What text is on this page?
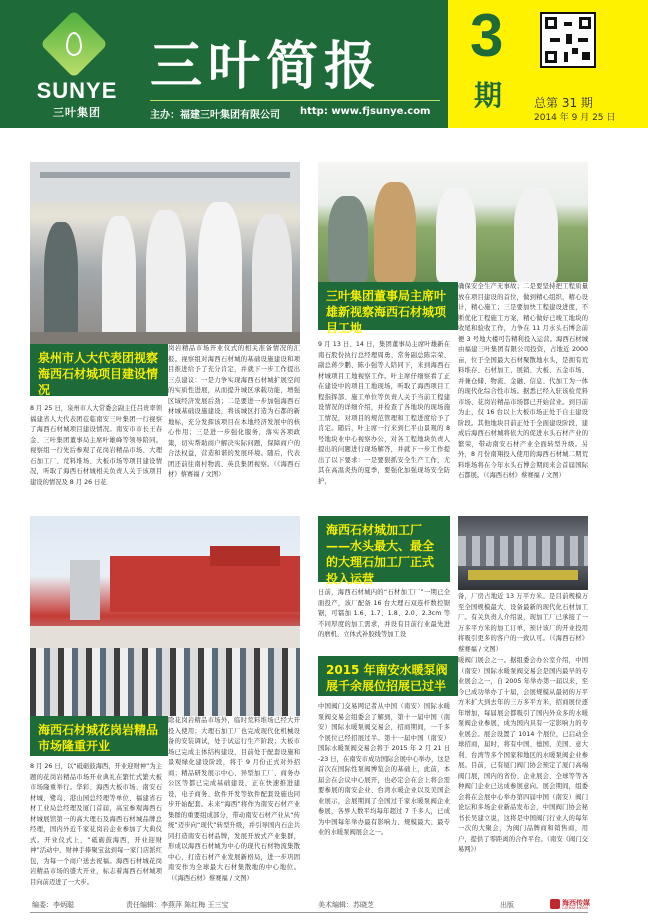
SUNYE
三叶集团
三叶简报
主办：福建三叶集团有限公司 http: www.fjsunye.com
3
期	总第 31 期
2014 年 9 月 25 日
泉州市人大代表团视察海西石材城项目建设情况
三叶集团董事局主席叶雄新视察海西石材城项目工地
海西石材城加工厂——水头最大、最全的大理石加工厂正式投入运营
2015 年南安水暖泵阀展千余展位招展已过半
海西石材城花岗岩精品市场隆重开业
8 月 25 日，泉州市人大常委会副主任吕贵率领福建省人大代表团莅临南安三叶集团一行视察了海西石材城项目建设情况。南安市市长王春金、三叶集团董事局主席叶雄峰等领导陪同。视察组一行先后参观了花岗岩精品市场、大理石加工厂、荒料堆场、大板市场等项目建设情况，听取了海西石材城相关负责人关于该项目建设的情况及 8 月 26 日花
岗岩精品市场开业仪式的相关准备情况的汇报。视察组对海西石材城的基础设施建设和项目推进给予了充分肯定，并就下一步工作提出三点建议：一是力争实现海西石材城扩展空间的实质性进展，从而提升城区承载功能，增强区域经济发展后劲；二是要进一步加强海西石材城基础设施建设，将该城区打造为石都的新地标，充分发挥该项目在本地经济发展中的核心作用；三是进一步强化服务，落实各项政策，切实帮助商户解决实际问题，保障商户的合法权益，营造和谐的发展环境。随后，代表团还前往南村物流、英良集团视察。（《海西石材》蔡赛福 / 文图）
9 月 13 日、14 日，集团董事局主席叶雄新在南石股份执行总经理周勇、常务副总陈宗荣、副总蒋少鹏、陈小强等人陪同下，来到海西石材城项目工地视察工作。叶主席仔细察看了正在建设中的项目工地现场，听取了海西项目工程指挥部、施工单位等负责人关于当前工程建设情况的详细介绍，并检查了各地块的现场施工情况，对项目的规范管理和工程进度给予了肯定。随后，叶主席一行来到仁平山景观的 8 号地块业中心视察办公，对各工程地块负责人提出的问题进行现场解答，并就下一步工作提出了以下要求：一是要狠抓安全生产工作，尤其在高温炎热的夏季，要强化加强现场安全防护，
确保安全生产无事故；二是要坚持把工程质量放在项目建设的首位，做到精心组织，精心设计，精心施工；三是要加快工程建设进度，不断优化工程施工方案，精心做好已竣工地块的收尾和验收工作，力争在 11 月水头石博会前便 3 号地大楼可告精利投入运营。海西石材城由福建三叶集团有限公司投资，占地近 2000 亩，位于全国最大石材聚散地水头，是拥有荒料堆存、石材加工、展销、大板、五金市场、并兼仓储、物流、金融、信息、代加工为一体的现代化综合性市场。据悉已经入驻该检荒料市场、花岗岩精品市场都已开始营业。到目前为止，仅 16 台以上大板市场正处于自主建设阶段。其他地块目前正处于全面建设阶段，建成后海西石材城将依大的促进水头石材产业的繁荣，带动南安石材产业全面转型升级。另外，8 月份南翔投入使用的海西石材城二期荒料堆场将在今年水头石博会期间来会首届国际石都展。（《海西石材》蔡赛福 / 文图）
日前，海西石材城内的“石材加工厂”一期已全面投产，该厂配备 16 台大理石双连杆数控锯锯，可镭加 1.6、1.7、1.8、2.0、2.3cm 等不同厚度的加工需求，并设有目前行业最先进的磨机、立体式补胶线等加工设
备，厂房占地近 13 万平方米。是目前规模万至全国规模最大、设备最新的现代化石材加工厂。有关负责人介绍说，现加工厂已承接了一万多平方米的加工订单，预计该厂的开业投用将吸引更多的客户的一致认可。（《海西石材》蔡赛福 / 文图）
中国阀门交易网记者从中国（南安）国际水暖泵阀交易会组委会了解到，第十一届中国（南安）国际水暖泵阀交易会，招商期间，一千多个展位已经招展过半。第十一届中国（南安）国际水暖泵阀交易会将于 2015 年 2 月 21 日 -23 日，在南安市成功国际会展中心举办，这是首次在国际性泵阀博览会的基础上，此前，本届会在会议中心展开，也必定会在会上将会需要参展的南安企业、台湾水暖企业以及美国企业展示，会展期间了全国过千家水暖泵阀企业参展，各界人数平均每年超过 7 千多人，已成为中国每年举办最有影响力、规模最大、最专业的水暖泵阀展会之一。
暖阀门展会之一。据组委会办公室介绍，中国（南安）国际水暖泵阀交易会是国内最早的专业展会之一，自 2005 年举办第一届以来，至今已成功举办了十届，会展规模从最初的万平方米扩大到去年的三万多平方米，招商展位逐年增加，每届展会都吸引了国内外众多的水暖泵阀企业参展，成为国内具有一定影响力的专业展会。展会设置了 1014 个展位，已启动全球招商，届时，将有中国、德国、美国、意大利、台湾等多个国家和地区的水暖泵阀企业参展。目前，已有厦门阀门协会预定了厦门高端阀门展，国内的省份、企业展会、全球等等各种阀门企业已达成参展意向。展会期间，组委会将在会展中心举办第四届中国（南安）阀门论坛和多场企业新品发布会，中国阀门协会秘书长吴建立说，这将是中国阀门行业人的每年一次的大聚会，为阀门品牌商和销售商，用户，提供了零距离的合作平台。（南安《阀门交易网》）
8 月 26 日，以“砥砺鼓海西，开业迎财神”为主题的花岗岩精品市场开业典礼在繁忙式繁大板市场隆重举行。华彩、海西大板市场、南安石材城、鹭岛、港山园总经理等单位、福建省石材工业局总经理及厦门首届，高宝参观海西石材城展馆第一的高大理石及海西石材城品牌总经理，国内外近千家花岗岩企业参加了大典仪式。开业仪式上，“砥砺鼓海西，开业迎财神”活动中，财神手捧聚宝盆到每一家门店派红包，为每一个商户送去祝福。海西石材城花岗岩精品市场的盛大开业，标志着海西石材城项目向前迈进了一大步。
除花岗岩精品市场外，临时荒料堆场已经大开投入使用；大理石加工厂也完成现代化机械设备的安装调试，处于试运行生产阶段；大板市场已完成主体结构建设，目前处于配套设施和景观绿化建设阶段，将于 9 月份正式对外招商；精品研发展示中心、异型加工厂、商务办公区等都已完成基础建设，正在快速推进建设，电子商务、软件开发等软件配套设施也同步开始配套。未来“海西”将作为南安石材产业集群的重要组成部分，带动南安石材产业从“传统”迈步向“现代”转型升级，并引导国内石企共同打造南安石材品牌，发展开放式产业集群，形成以海西石材城为中心的现代石材物流集散中心，打造石材产业发展新格局，进一步巩固南安作为全球最大石材集散地的中心地位。（《海西石材》蔡赛福 / 文图）
编委：李炳聪	责任编辑：李燕萍 陈红梅 王三宝	美术编辑：苏晓芝	出版	海西传媒
CATHAY MEDIA
